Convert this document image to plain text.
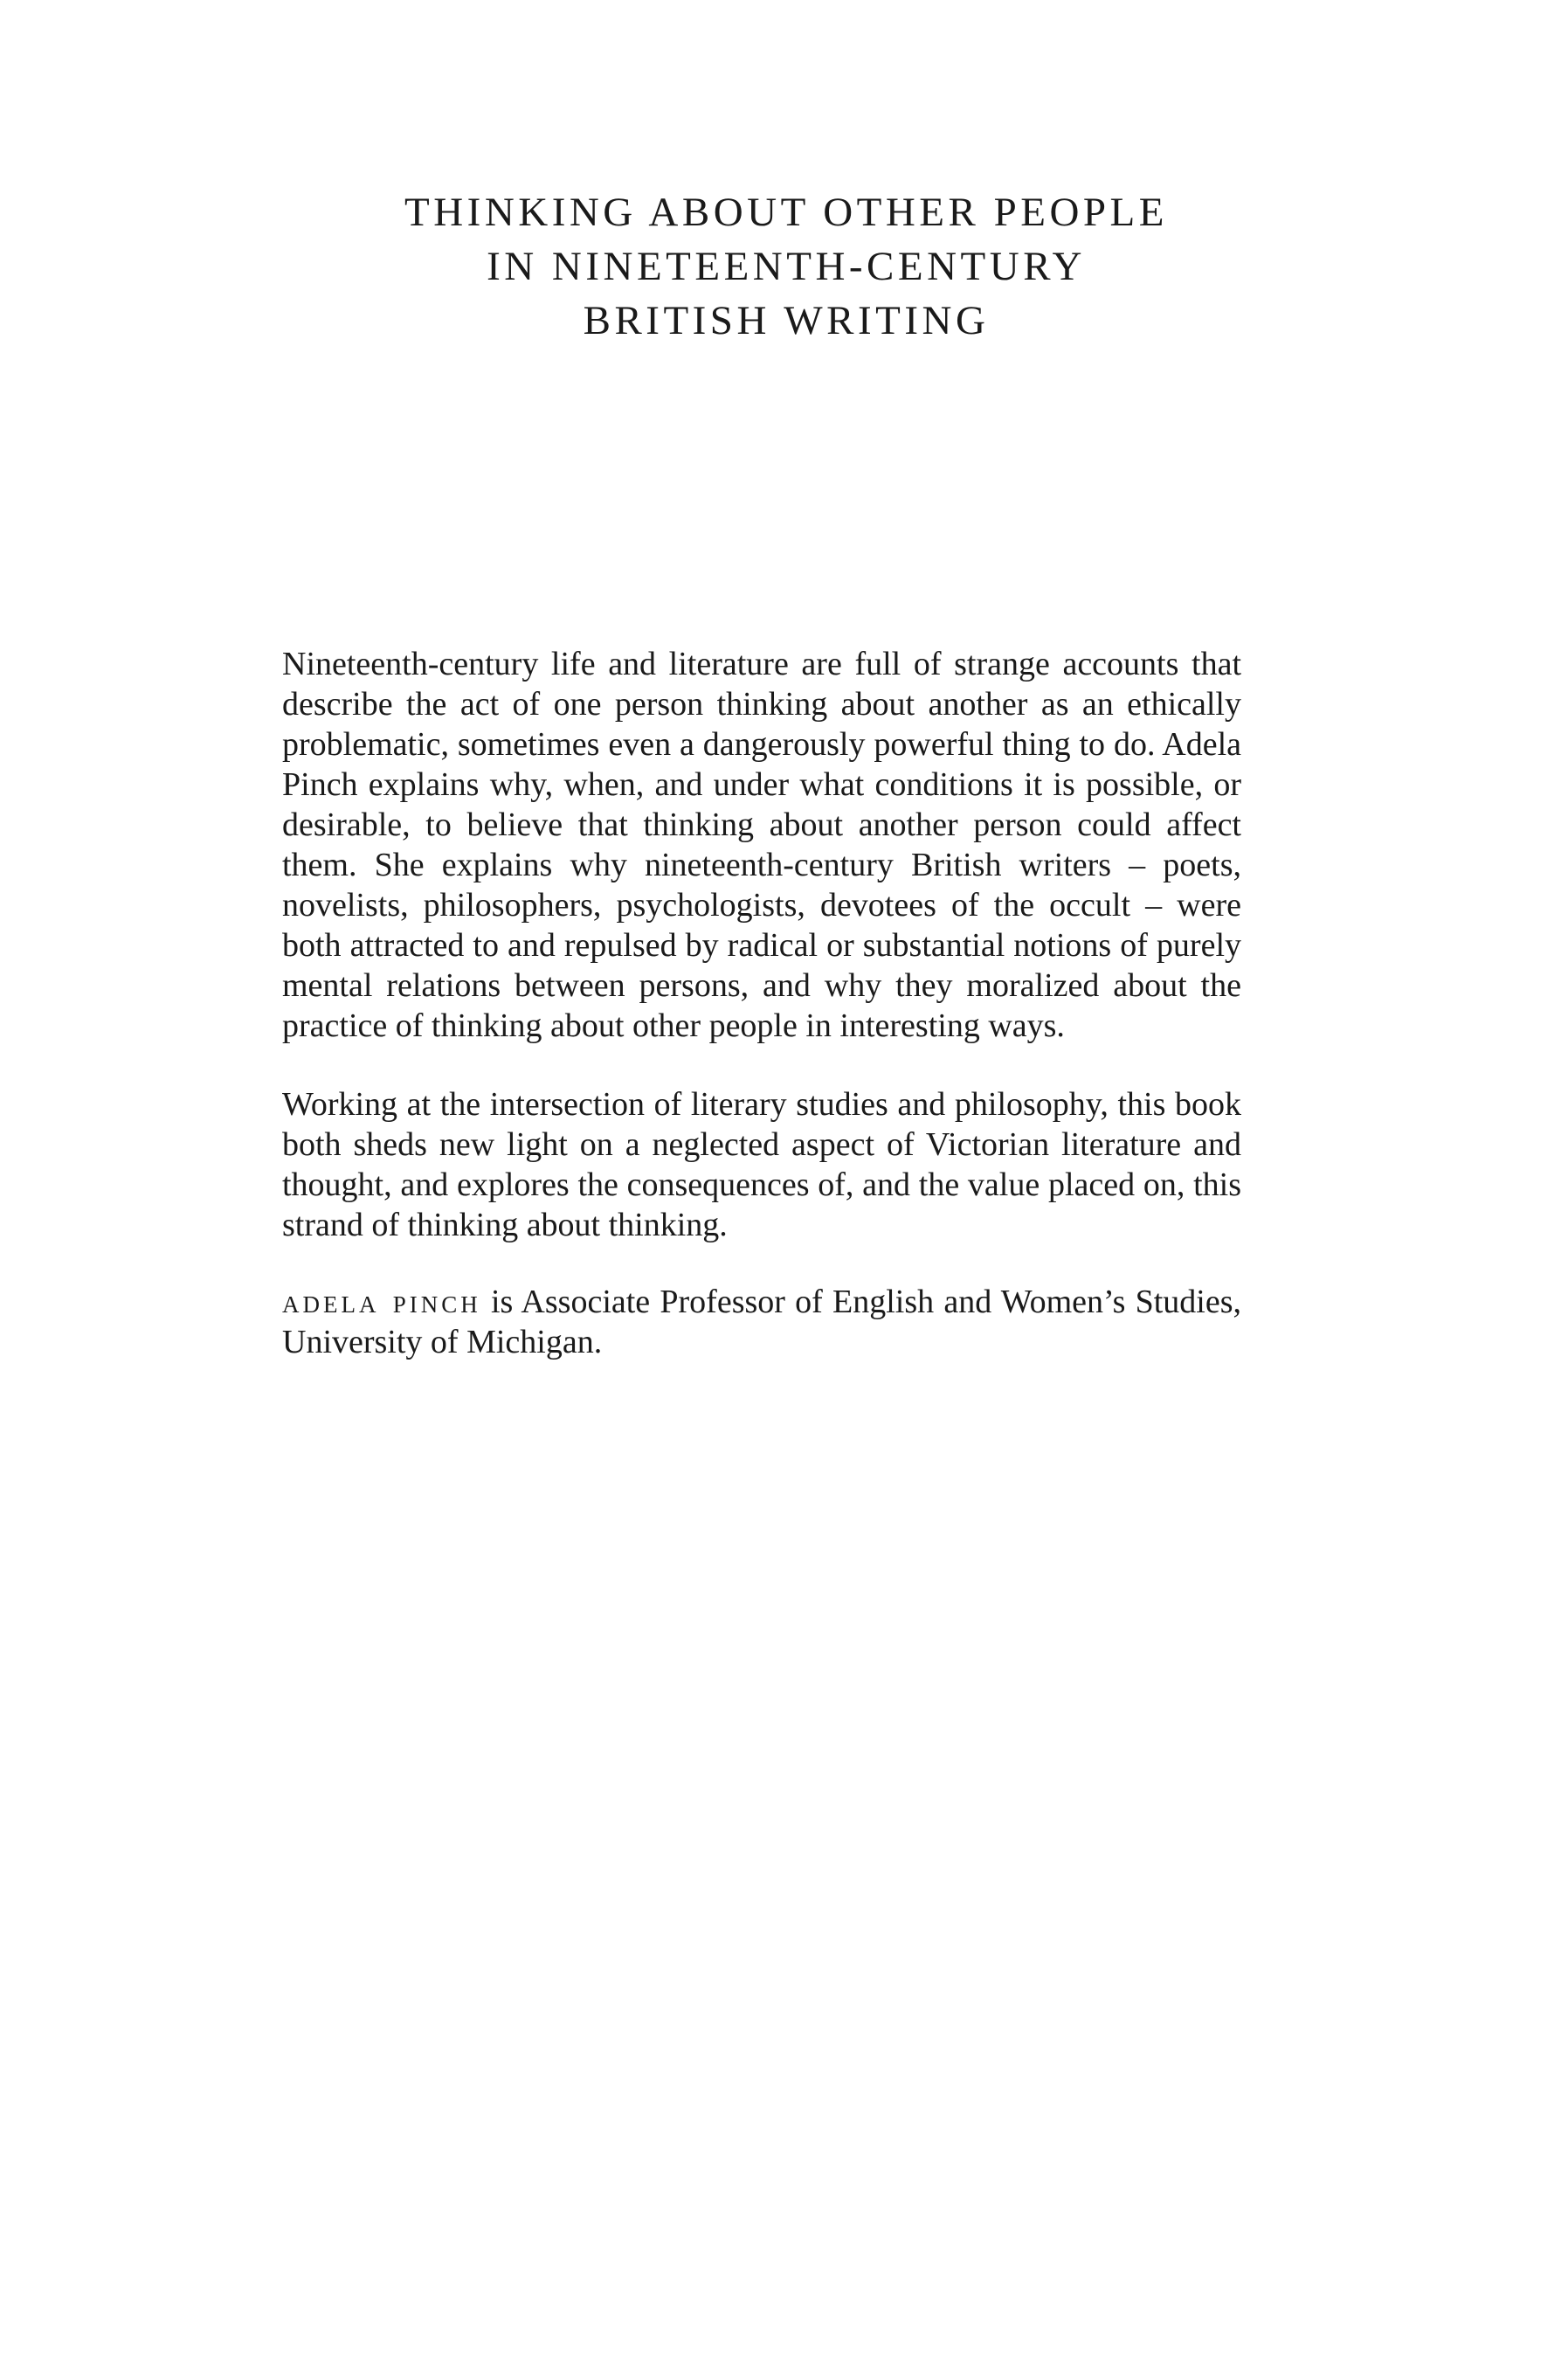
THINKING ABOUT OTHER PEOPLE
IN NINETEENTH-CENTURY
BRITISH WRITING

Nineteenth-century life and literature are full of strange accounts that describe the act of one person thinking about another as an ethically problematic, sometimes even a dangerously powerful thing to do. Adela Pinch explains why, when, and under what conditions it is possible, or desirable, to believe that thinking about another person could affect them. She explains why nineteenth-century British writers – poets, novelists, philosophers, psychologists, devotees of the occult – were both attracted to and repulsed by radical or substantial notions of purely mental relations between persons, and why they moralized about the practice of thinking about other people in interesting ways.

Working at the intersection of literary studies and philosophy, this book both sheds new light on a neglected aspect of Victorian literature and thought, and explores the consequences of, and the value placed on, this strand of thinking about thinking.

adela pinch is Associate Professor of English and Women’s Studies, University of Michigan.
